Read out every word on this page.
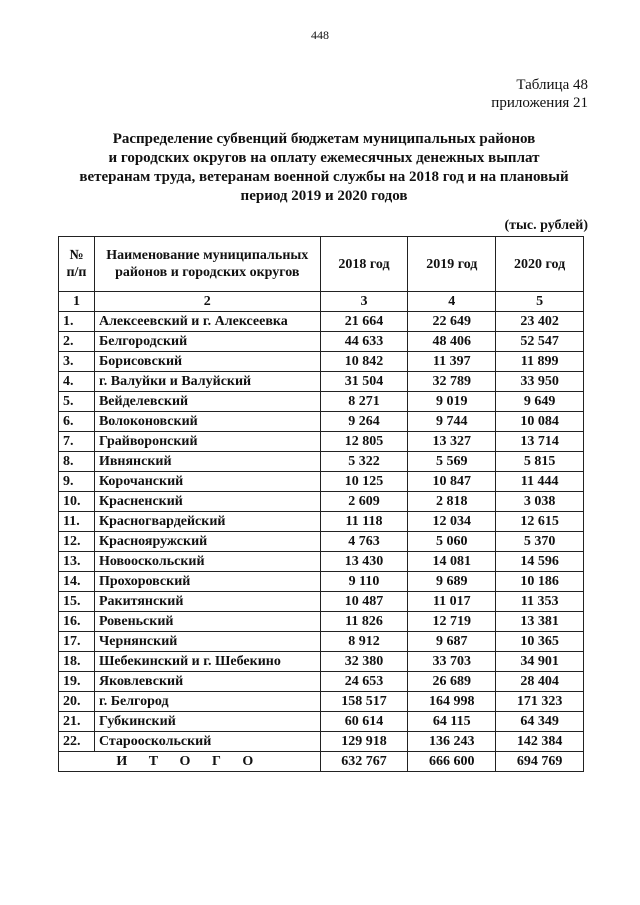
448
Таблица 48
приложения 21
Распределение субвенций бюджетам муниципальных районов
и городских округов на оплату ежемесячных денежных выплат
ветеранам труда, ветеранам военной службы на 2018 год и на плановый
период 2019 и 2020 годов
(тыс. рублей)
№ п/п	Наименование муниципальных районов и городских округов	2018 год	2019 год	2020 год
1	2	3	4	5
1.	Алексеевский и г. Алексеевка	21 664	22 649	23 402
2.	Белгородский	44 633	48 406	52 547
3.	Борисовский	10 842	11 397	11 899
4.	г. Валуйки и Валуйский	31 504	32 789	33 950
5.	Вейделевский	8 271	9 019	9 649
6.	Волоконовский	9 264	9 744	10 084
7.	Грайворонский	12 805	13 327	13 714
8.	Ивнянский	5 322	5 569	5 815
9.	Корочанский	10 125	10 847	11 444
10.	Красненский	2 609	2 818	3 038
11.	Красногвардейский	11 118	12 034	12 615
12.	Краснояружский	4 763	5 060	5 370
13.	Новооскольский	13 430	14 081	14 596
14.	Прохоровский	9 110	9 689	10 186
15.	Ракитянский	10 487	11 017	11 353
16.	Ровеньский	11 826	12 719	13 381
17.	Чернянский	8 912	9 687	10 365
18.	Шебекинский и г. Шебекино	32 380	33 703	34 901
19.	Яковлевский	24 653	26 689	28 404
20.	г. Белгород	158 517	164 998	171 323
21.	Губкинский	60 614	64 115	64 349
22.	Старооскольский	129 918	136 243	142 384
И Т О Г О		632 767	666 600	694 769
